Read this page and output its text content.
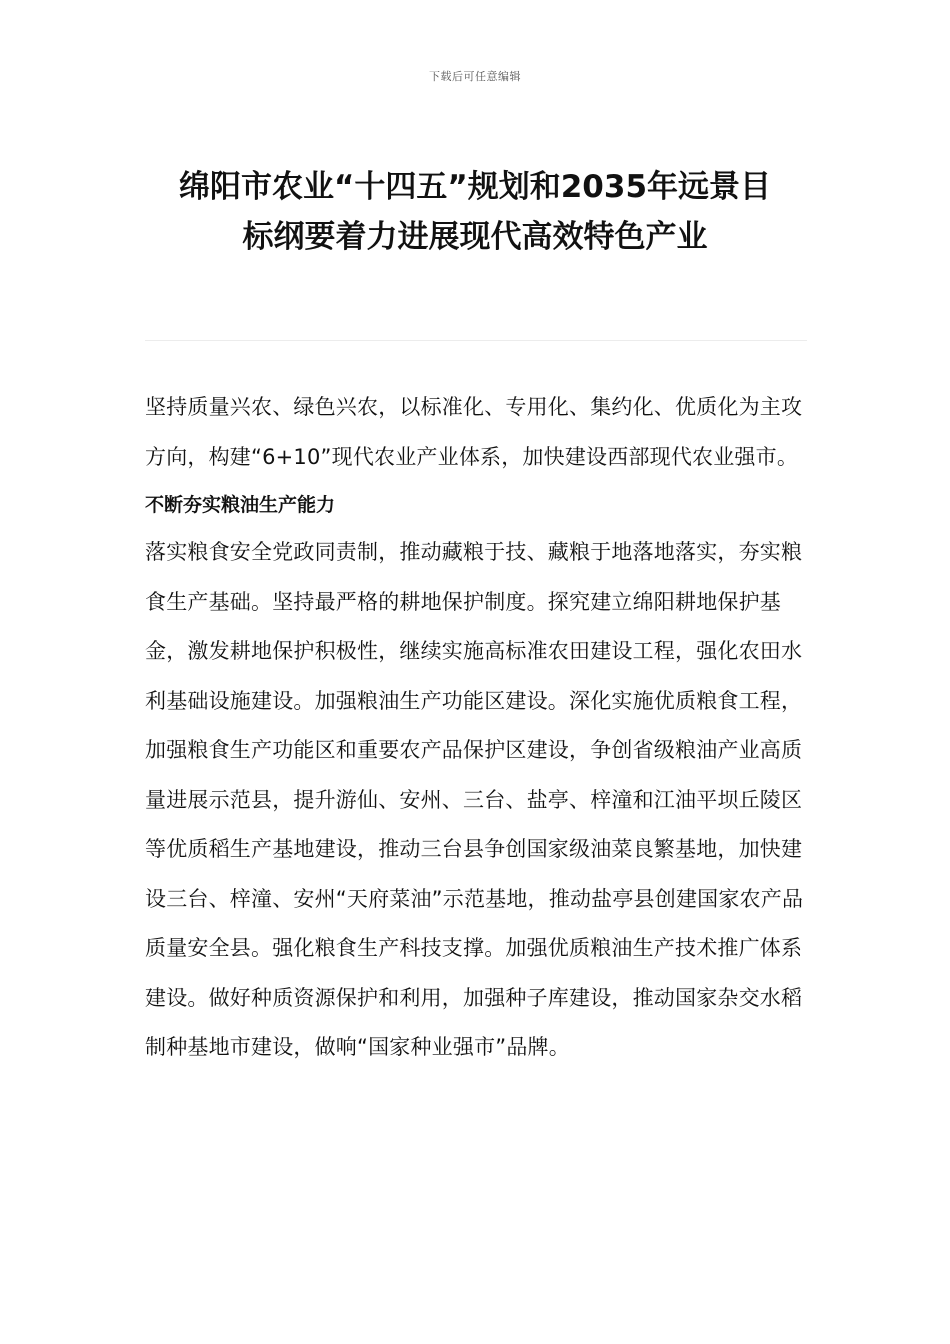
下载后可任意编辑
绵阳市农业“十四五”规划和2035年远景目
标纲要着力进展现代高效特色产业

坚持质量兴农、绿色兴农，以标准化、专用化、集约化、优质化为主攻方向，构建“6+10”现代农业产业体系，加快建设西部现代农业强市。

不断夯实粮油生产能力

落实粮食安全党政同责制，推动藏粮于技、藏粮于地落地落实，夯实粮食生产基础。坚持最严格的耕地保护制度。探究建立绵阳耕地保护基金，激发耕地保护积极性，继续实施高标准农田建设工程，强化农田水利基础设施建设。加强粮油生产功能区建设。深化实施优质粮食工程，加强粮食生产功能区和重要农产品保护区建设，争创省级粮油产业高质量进展示范县，提升游仙、安州、三台、盐亭、梓潼和江油平坝丘陵区等优质稻生产基地建设，推动三台县争创国家级油菜良繁基地，加快建设三台、梓潼、安州“天府菜油”示范基地，推动盐亭县创建国家农产品质量安全县。强化粮食生产科技支撑。加强优质粮油生产技术推广体系建设。做好种质资源保护和利用，加强种子库建设，推动国家杂交水稻制种基地市建设，做响“国家种业强市”品牌。
